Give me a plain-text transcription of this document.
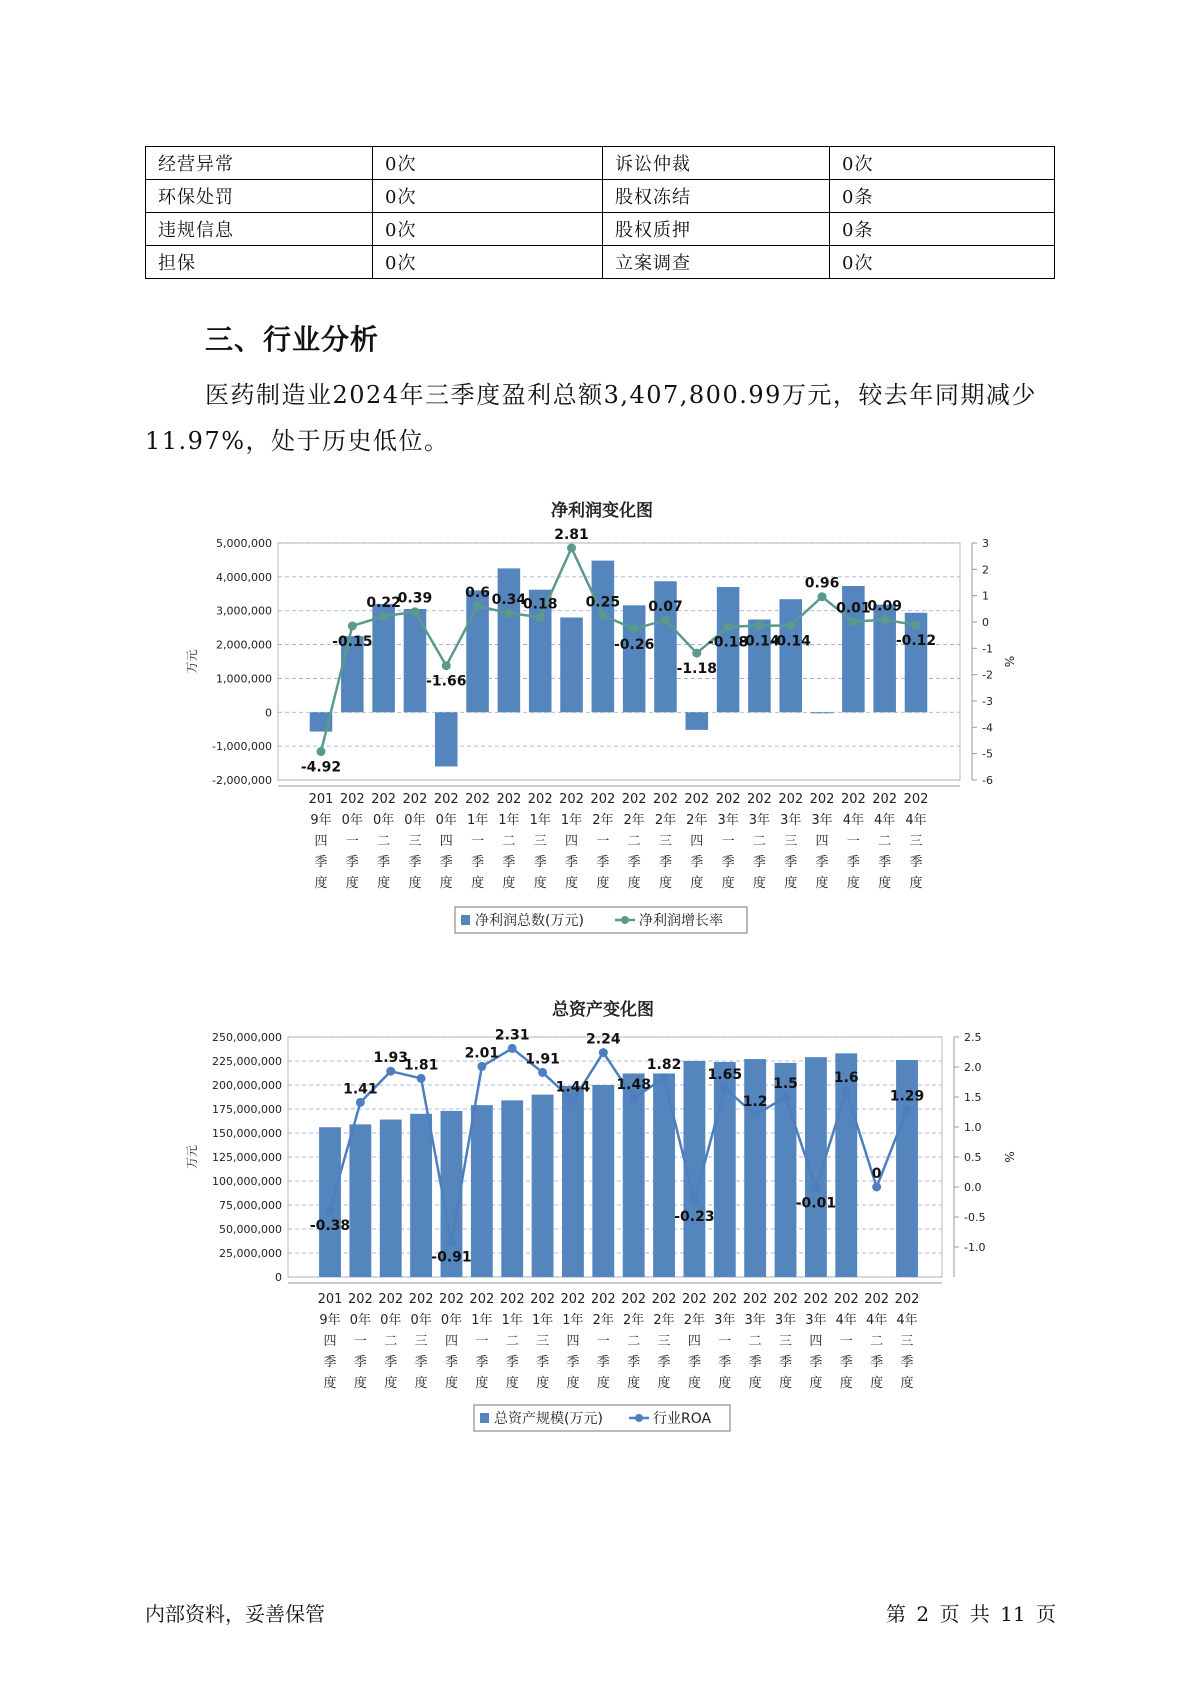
经营异常	0次	诉讼仲裁	0次
环保处罚	0次	股权冻结	0条
违规信息	0次	股权质押	0条
担保	0次	立案调查	0次
三、行业分析
医药制造业2024年三季度盈利总额3,407,800.99万元，较去年同期减少11.97%，处于历史低位。
净利润变化图
5,000,000
4,000,000
3,000,000
2,000,000
1,000,000
0
-1,000,000
-2,000,000
3
2
1
0
-1
-2
-3
-4
-5
-6
万元	%
-4.92
-0.15
0.22
0.39
-1.66
0.6 0.34
0.18
2.81
0.25
-0.26
0.07
-1.18
-0.18
-0.14
-0.14
0.96
0.01
0.09
-0.12
201
9年
四
季
度
202
0年
一
季
度
202
0年
二
季
度
202
0年
三
季
度
202
0年
四
季
度
202
1年
一
季
度
202
1年
二
季
度
202
1年
三
季
度
202
1年
四
季
度
202
2年
一
季
度
202
2年
二
季
度
202
2年
三
季
度
202
2年
四
季
度
202
3年
一
季
度
202
3年
二
季
度
202
3年
三
季
度
202
3年
四
季
度
202
4年
一
季
度
202
4年
二
季
度
202
4年
三
季
度
净利润总数(万元)	净利润增长率
总资产变化图
250,000,000
225,000,000
200,000,000
175,000,000
150,000,000
125,000,000
100,000,000
75,000,000
50,000,000
25,000,000
0
2.5
2.0
1.5
1.0
0.5
0.0
-0.5
-1.0
万元	%
-0.38
1.41
1.93
1.81
-0.91
2.01
2.31
1.91
1.44
2.24
1.48
1.82
-0.23
1.65
1.2
1.5
-0.01
1.6
0
1.29
201
9年
四
季
度
202
0年
一
季
度
202
0年
二
季
度
202
0年
三
季
度
202
0年
四
季
度
202
1年
一
季
度
202
1年
二
季
度
202
1年
三
季
度
202
1年
四
季
度
202
2年
一
季
度
202
2年
二
季
度
202
2年
三
季
度
202
2年
四
季
度
202
3年
一
季
度
202
3年
二
季
度
202
3年
三
季
度
202
3年
四
季
度
202
4年
一
季
度
202
4年
二
季
度
202
4年
三
季
度
总资产规模(万元)	行业ROA
内部资料，妥善保管	第 2 页 共 11 页
